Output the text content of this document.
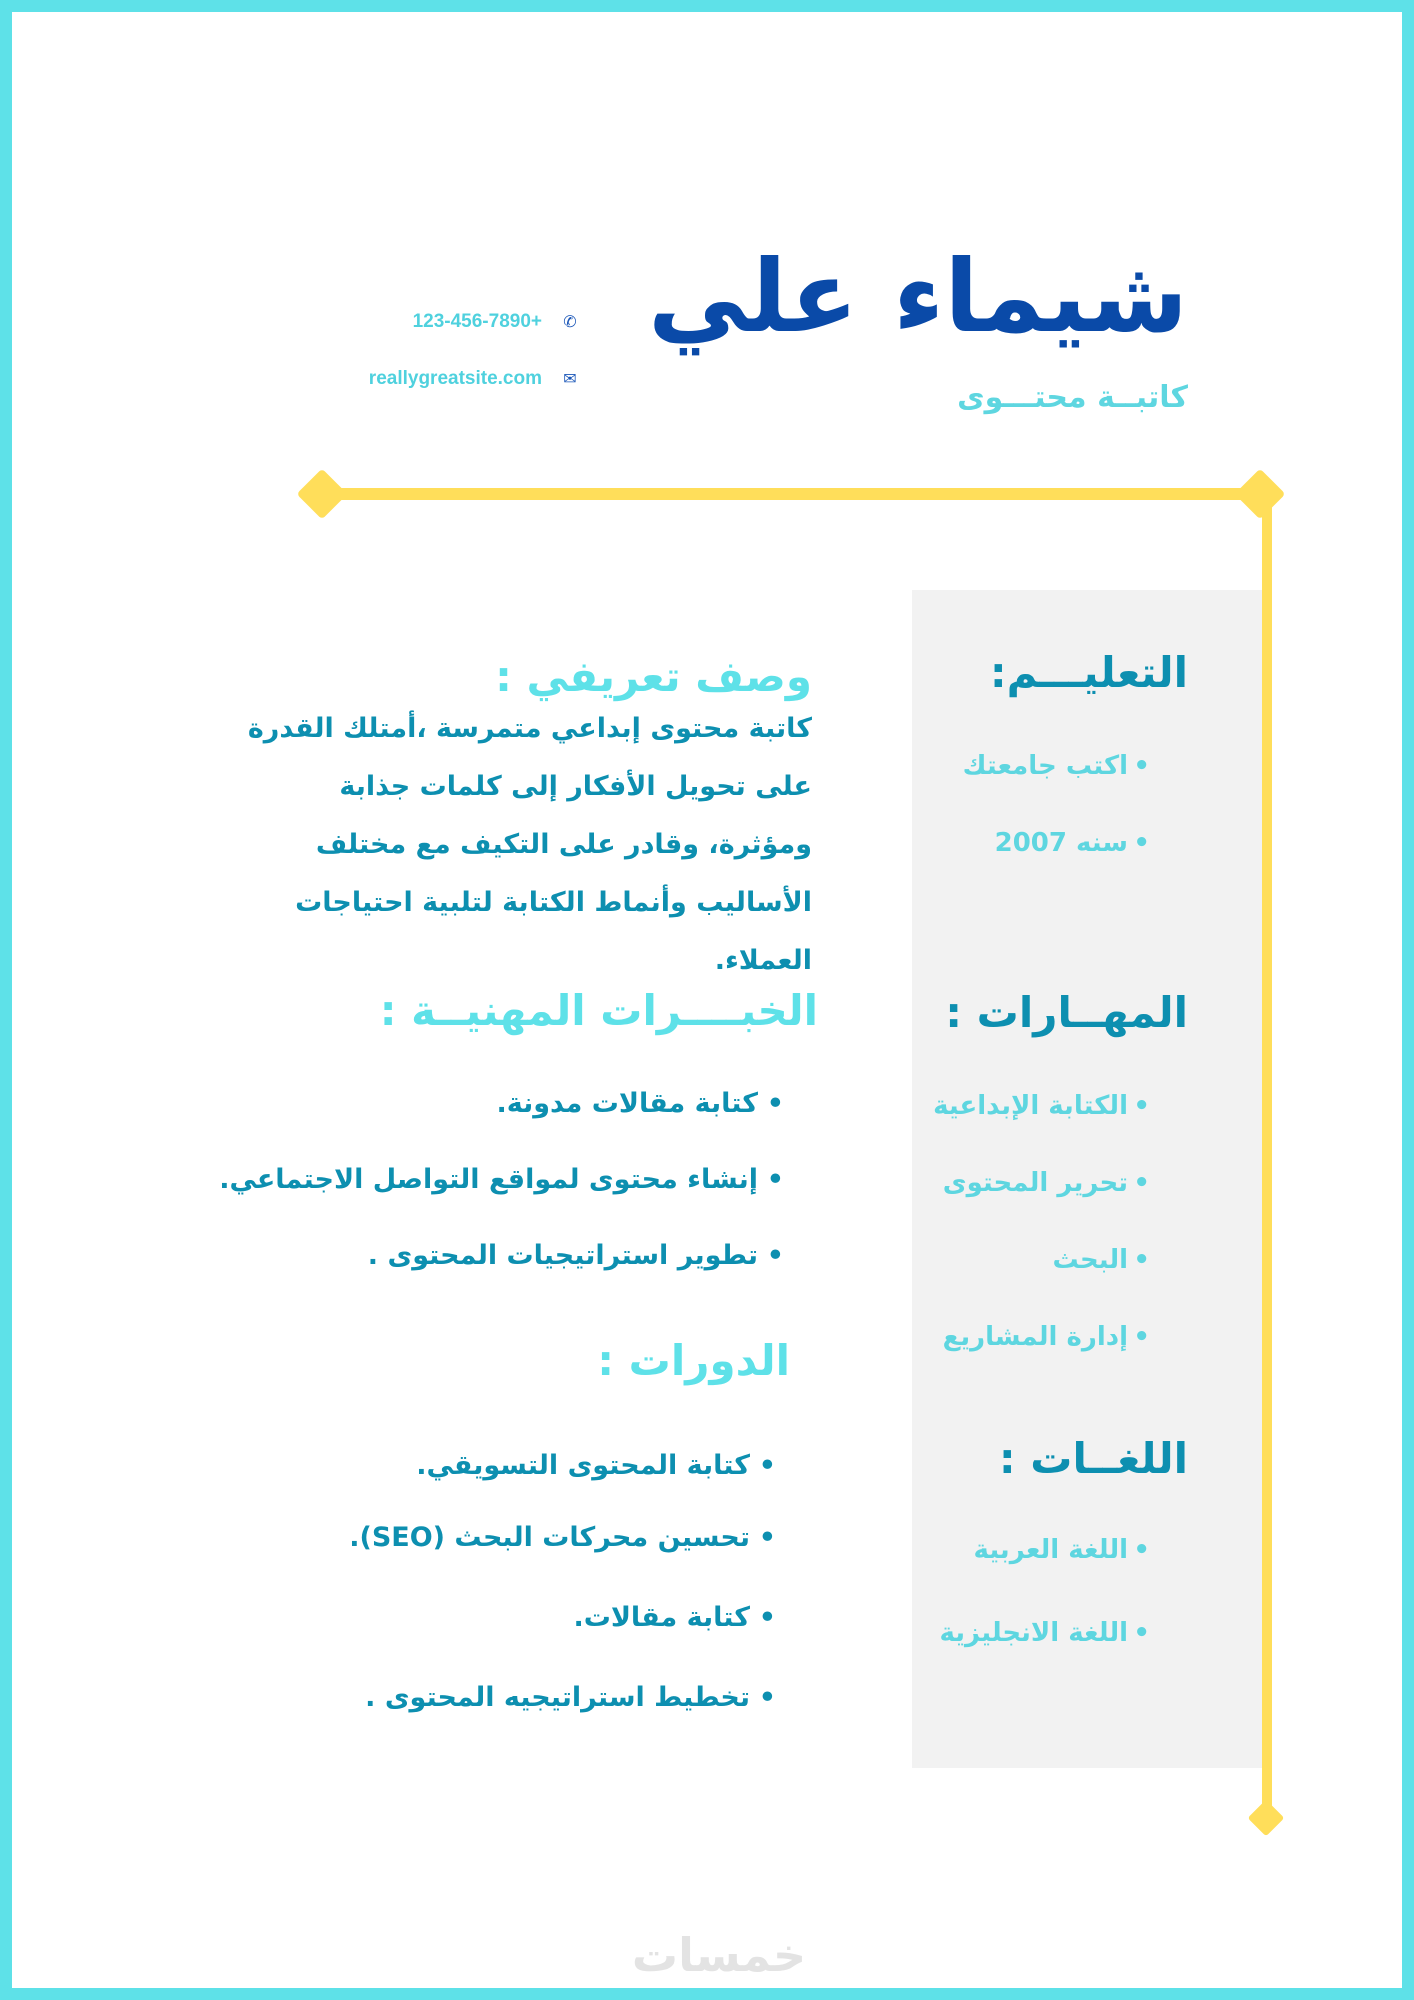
شيماء علي
كاتبــة محتـــوى
123-456-7890+ ✆
reallygreatsite.com ✉
التعليـــم:
اكتب جامعتك •
سنه 2007 •
المهــارات :
الكتابة الإبداعية •
تحرير المحتوى •
البحث •
إدارة المشاريع •
اللغــات :
اللغة العربية •
اللغة الانجليزية •
وصف تعريفي :
كاتبة محتوى إبداعي متمرسة ،أمتلك القدرة على تحويل الأفكار إلى كلمات جذابة ومؤثرة، وقادر على التكيف مع مختلف الأساليب وأنماط الكتابة لتلبية احتياجات العملاء.
الخبــــرات المهنيــة :
كتابة مقالات مدونة. •
إنشاء محتوى لمواقع التواصل الاجتماعي. •
تطوير استراتيجيات المحتوى . •
الدورات :
كتابة المحتوى التسويقي. •
تحسين محركات البحث (SEO). •
كتابة مقالات. •
تخطيط استراتيجيه المحتوى . •
خمسات
